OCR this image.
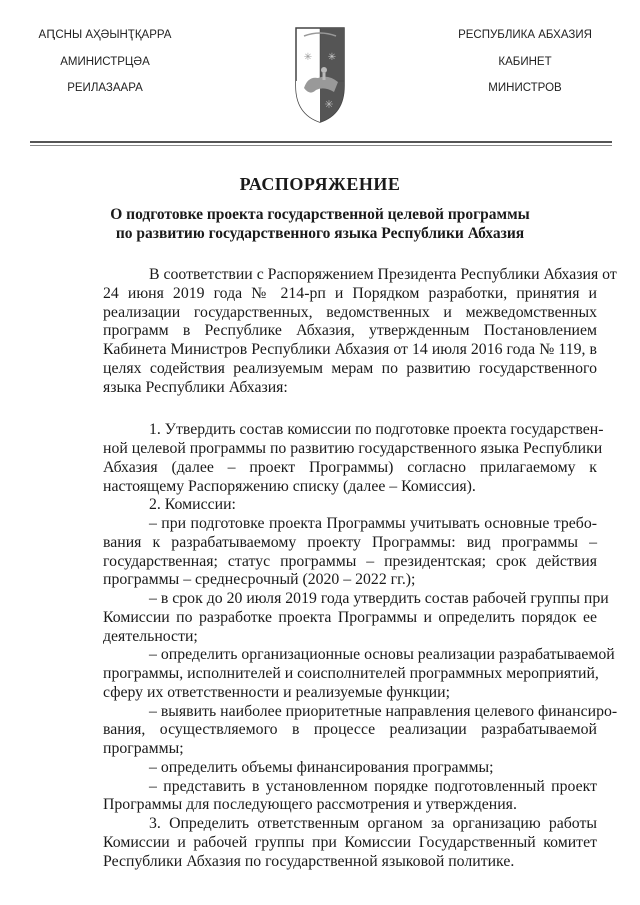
АԤСНЫ АҲӘЫНҬҚАРРА
АМИНИСТРЦӘА
РЕИЛАЗААРА
✳ ✳
✳
РЕСПУБЛИКА АБХАЗИЯ
КАБИНЕТ
МИНИСТРОВ
РАСПОРЯЖЕНИЕ
О подготовке проекта государственной целевой программы
по развитию государственного языка Республики Абхазия
В соответствии с Распоряжением Президента Республики Абхазия от
24 июня 2019 года № 214-рп и Порядком разработки, принятия и
реализации государственных, ведомственных и межведомственных
программ в Республике Абхазия, утвержденным Постановлением
Кабинета Министров Республики Абхазия от 14 июля 2016 года № 119, в
целях содействия реализуемым мерам по развитию государственного
языка Республики Абхазия:
1. Утвердить состав комиссии по подготовке проекта государствен-
ной целевой программы по развитию государственного языка Республики
Абхазия (далее – проект Программы) согласно прилагаемому к
настоящему Распоряжению списку (далее – Комиссия).
2. Комиссии:
– при подготовке проекта Программы учитывать основные требо-
вания к разрабатываемому проекту Программы: вид программы –
государственная; статус программы – президентская; срок действия
программы – среднесрочный (2020 – 2022 гг.);
– в срок до 20 июля 2019 года утвердить состав рабочей группы при
Комиссии по разработке проекта Программы и определить порядок ее
деятельности;
– определить организационные основы реализации разрабатываемой
программы, исполнителей и соисполнителей программных мероприятий,
сферу их ответственности и реализуемые функции;
– выявить наиболее приоритетные направления целевого финансиро-
вания, осуществляемого в процессе реализации разрабатываемой
программы;
– определить объемы финансирования программы;
– представить в установленном порядке подготовленный проект
Программы для последующего рассмотрения и утверждения.
3. Определить ответственным органом за организацию работы
Комиссии и рабочей группы при Комиссии Государственный комитет
Республики Абхазия по государственной языковой политике.
